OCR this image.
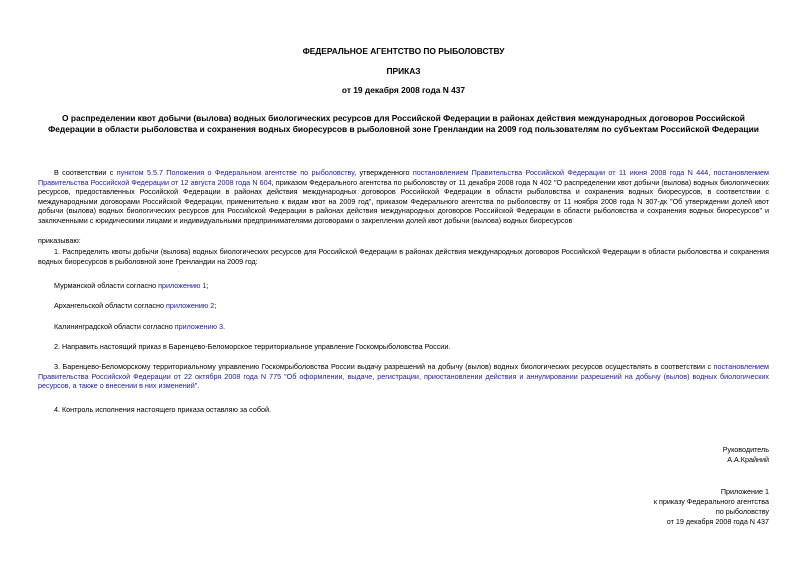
ФЕДЕРАЛЬНОЕ АГЕНТСТВО ПО РЫБОЛОВСТВУ
ПРИКАЗ
от 19 декабря 2008 года N 437
О распределении квот добычи (вылова) водных биологических ресурсов для Российской Федерации в районах действия международных договоров Российской Федерации в области рыболовства и сохранения водных биоресурсов в рыболовной зоне Гренландии на 2009 год пользователям по субъектам Российской Федерации
В соответствии с пунктом 5.5.7 Положения о Федеральном агентстве по рыболовству, утвержденного постановлением Правительства Российской Федерации от 11 июня 2008 года N 444, постановлением Правительства Российской Федерации от 12 августа 2008 года N 604, приказом Федерального агентства по рыболовству от 11 декабря 2008 года N 402 "О распределении квот добычи (вылова) водных биологических ресурсов, предоставленных Российской Федерации в районах действия международных договоров Российской Федерации в области рыболовства и сохранения водных биоресурсов, в соответствии с международными договорами Российской Федерации, применительно к видам квот на 2009 год", приказом Федерального агентства по рыболовству от 11 ноября 2008 года N 307-дк "Об утверждении долей квот добычи (вылова) водных биологических ресурсов для Российской Федерации в районах действия международных договоров Российской Федерации в области рыболовства и сохранения водных биоресурсов" и заключенными с юридическими лицами и индивидуальными предпринимателями договорами о закреплении долей квот добычи (вылова) водных биоресурсов
приказываю:
1. Распределить квоты добычи (вылова) водных биологических ресурсов для Российской Федерации в районах действия международных договоров Российской Федерации в области рыболовства и сохранения водных биоресурсов в рыболовной зоне Гренландии на 2009 год:
Мурманской области согласно приложению 1;
Архангельской области согласно приложению 2;
Калининградской области согласно приложению 3.
2. Направить настоящий приказ в Баренцево-Беломорское территориальное управление Госкомрыболовства России.
3. Баренцево-Беломорскому территориальному управлению Госкомрыболовства России выдачу разрешений на добычу (вылов) водных биологических ресурсов осуществлять в соответствии с постановлением Правительства Российской Федерации от 22 октября 2008 года N 775 "Об оформлении, выдаче, регистрации, приостановлении действия и аннулировании разрешений на добычу (вылов) водных биологических ресурсов, а также о внесении в них изменений".
4. Контроль исполнения настоящего приказа оставляю за собой.
Руководитель
А.А.Крайний
Приложение 1
к приказу Федерального агентства
по рыболовству
от 19 декабря 2008 года N 437
